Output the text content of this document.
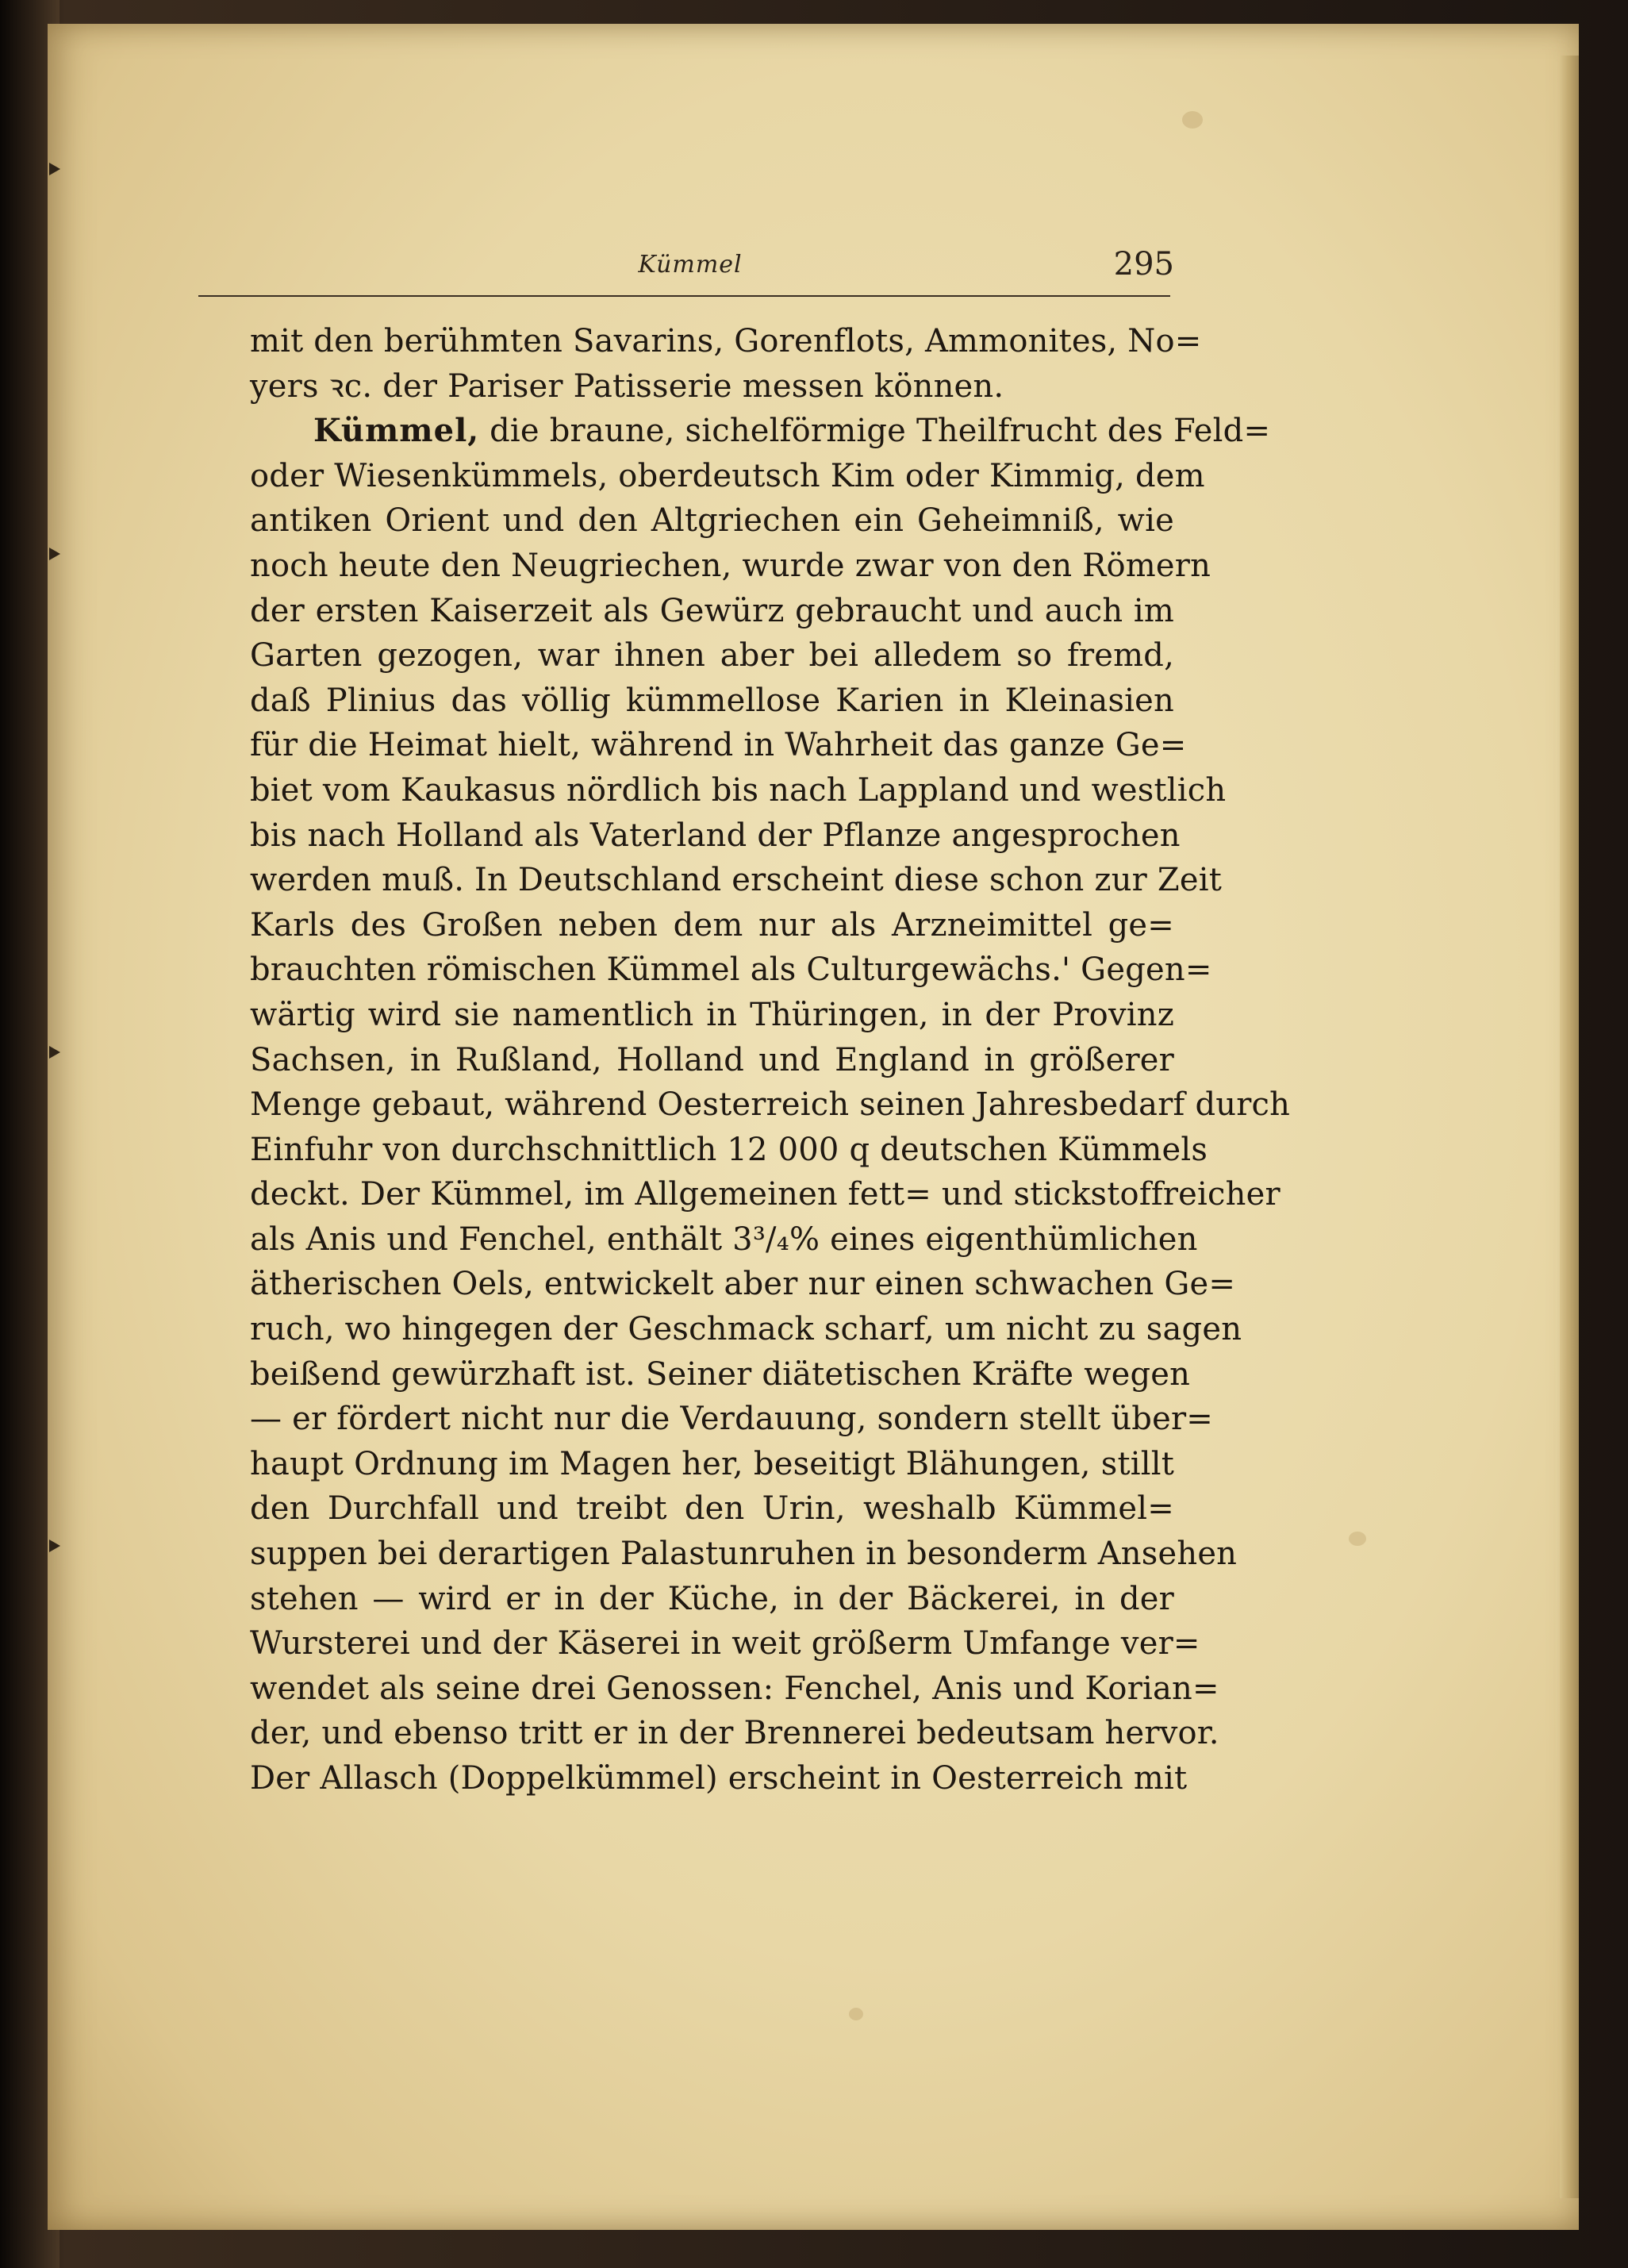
Kümmel	295
mit den berühmten Savarins, Gorenflots, Ammonites, No=
yers ꝛc. der Pariser Patisserie messen können.
Kümmel, die braune, sichelförmige Theilfrucht des Feld=
oder Wiesenkümmels, oberdeutsch Kim oder Kimmig, dem
antiken Orient und den Altgriechen ein Geheimniß, wie
noch heute den Neugriechen, wurde zwar von den Römern
der ersten Kaiserzeit als Gewürz gebraucht und auch im
Garten gezogen, war ihnen aber bei alledem so fremd,
daß Plinius das völlig kümmellose Karien in Kleinasien
für die Heimat hielt, während in Wahrheit das ganze Ge=
biet vom Kaukasus nördlich bis nach Lappland und westlich
bis nach Holland als Vaterland der Pflanze angesprochen
werden muß. In Deutschland erscheint diese schon zur Zeit
Karls des Großen neben dem nur als Arzneimittel ge=
brauchten römischen Kümmel als Culturgewächs.' Gegen=
wärtig wird sie namentlich in Thüringen, in der Provinz
Sachsen, in Rußland, Holland und England in größerer
Menge gebaut, während Oesterreich seinen Jahresbedarf durch
Einfuhr von durchschnittlich 12 000 q deutschen Kümmels
deckt. Der Kümmel, im Allgemeinen fett= und stickstoffreicher
als Anis und Fenchel, enthält 3³/₄% eines eigenthümlichen
ätherischen Oels, entwickelt aber nur einen schwachen Ge=
ruch, wo hingegen der Geschmack scharf, um nicht zu sagen
beißend gewürzhaft ist. Seiner diätetischen Kräfte wegen
— er fördert nicht nur die Verdauung, sondern stellt über=
haupt Ordnung im Magen her, beseitigt Blähungen, stillt
den Durchfall und treibt den Urin, weshalb Kümmel=
suppen bei derartigen Palastunruhen in besonderm Ansehen
stehen — wird er in der Küche, in der Bäckerei, in der
Wursterei und der Käserei in weit größerm Umfange ver=
wendet als seine drei Genossen: Fenchel, Anis und Korian=
der, und ebenso tritt er in der Brennerei bedeutsam hervor.
Der Allasch (Doppelkümmel) erscheint in Oesterreich mit
